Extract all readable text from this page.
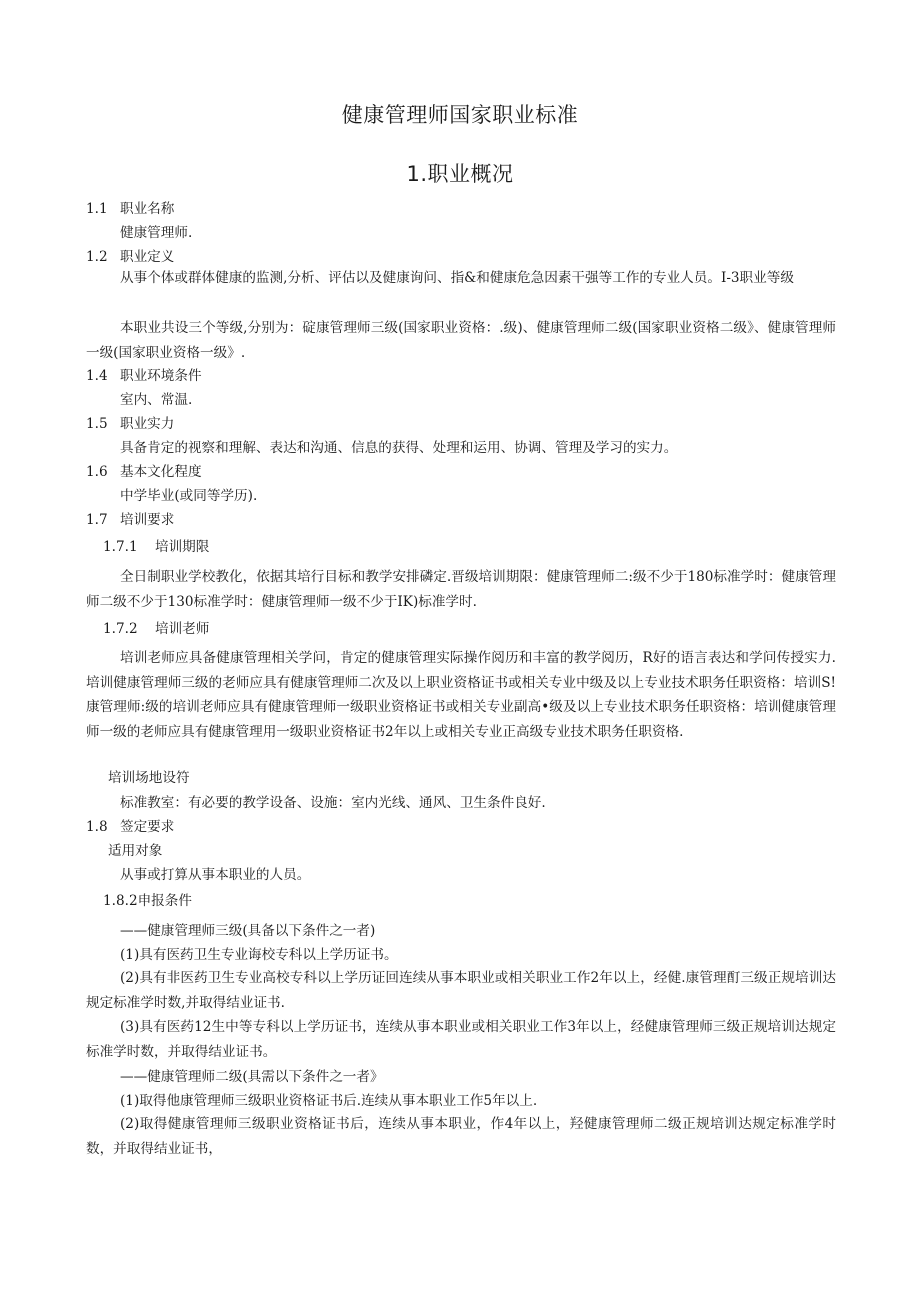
健康管理师国家职业标准
1.职业概况
1.1 职业名称
健康管理师.
1.2 职业定义

从事个体或群体健康的监测,分析、评估以及健康询问、指&和健康危急因素干强等工作的专业人员。I-3职业等级

本职业共设三个等级,分别为：碇康管理师三级(国家职业资格：.级)、健康管理师二级(国家职业资格二级》、健康管理师一级(国家职业资格一级》.

1.4 职业环境条件
室内、常温.
1.5 职业实力
具备肯定的视察和理解、表达和沟通、信息的获得、处理和运用、协调、管理及学习的实力。
1.6 基本文化程度
中学毕业(或同等学历).
1.7 培训要求
1.7.1 培训期限

全日制职业学校教化，依据其培行目标和教学安排磷定.晋级培训期限：健康管理师二:级不少于180标准学时：健康管理师二级不少于130标准学时：健康管理师一级不少于IK)标准学时.

1.7.2 培训老师

培训老师应具备健康管理相关学问，肯定的健康管理实际操作阅历和丰富的教学阅历，R好的语言表达和学问传授实力.培训健康管理师三级的老师应具有健康管理师二次及以上职业资格证书或相关专业中级及以上专业技术职务任职资格：培训S!康管理师:级的培训老师应具有健康管理师一级职业资格证书或相关专业副高•级及以上专业技术职务任职资格：培训健康管理师一级的老师应具有健康管理用一级职业资格证书2年以上或相关专业正高级专业技术职务任职资格.

培训场地设符
标准教室：有必要的教学设备、设施：室内光线、通风、卫生条件良好.
1.8 签定要求
适用对象
从事或打算从事本职业的人员。
1.8.2申报条件
——健康管理师三级(具备以下条件之一者)
(1)具有医药卫生专业诲校专科以上学历证书。

(2)具有非医药卫生专业高校专科以上学历证回连续从事本职业或相关职业工作2年以上，经健.康管理酊三级正规培训达规定标准学时数,并取得结业证书.

(3)具有医药12生中等专科以上学历证书，连续从事本职业或相关职业工作3年以上，经健康管理师三级正规培训达规定标准学时数，并取得结业证书。

——健康管理师二级(具需以下条件之一者》
(1)取得他康管理师三级职业资格证书后.连续从事本职业工作5年以上.

(2)取得健康管理师三级职业资格证书后，连续从事本职业，作4年以上，羟健康管理师二级正规培训达规定标准学时数，并取得结业证书，
